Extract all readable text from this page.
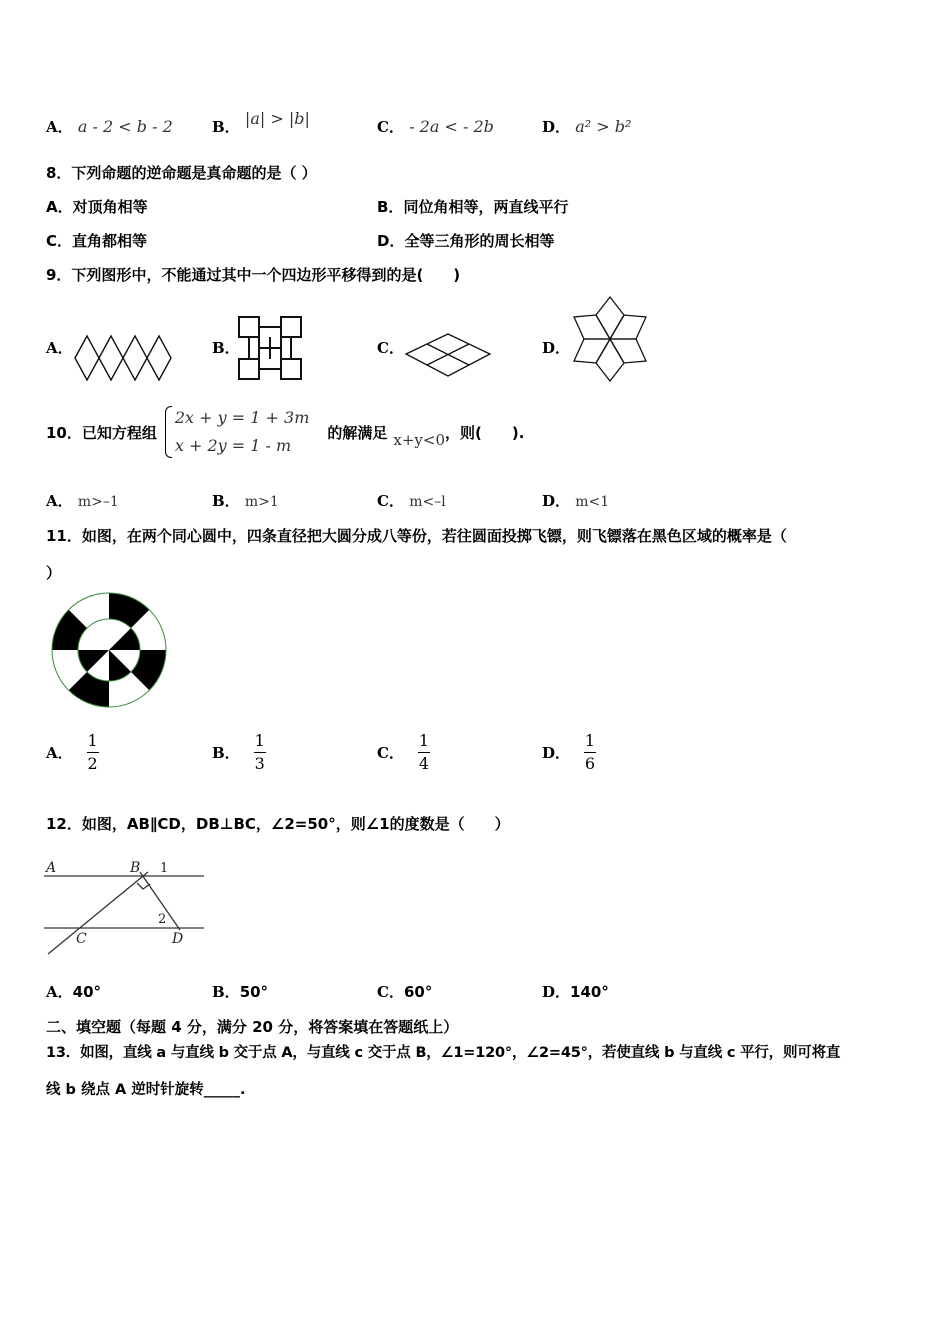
A． a - 2 < b - 2	B． |a| > |b|	C． - 2a < - 2b	D． a² > b²
8．下列命题的逆命题是真命题的是（ ）
A．对顶角相等	B．同位角相等，两直线平行
C．直角都相等	D．全等三角形的周长相等
9．下列图形中，不能通过其中一个四边形平移得到的是(　　)
A．	B．	C．	D．
10．已知方程组
2x + y = 1 + 3m
x + 2y = 1 - m
的解满足 x+y<0 ，则(　　).
A． m>–1	B． m>1	C． m<–l	D． m<1
11．如图，在两个同心圆中，四条直径把大圆分成八等份，若往圆面投掷飞镖，则飞镖落在黑色区域的概率是（
）
A． $\frac{1}{2}$	B． $\frac{1}{3}$	C． $\frac{1}{4}$	D． $\frac{1}{6}$
12．如图，AB∥CD，DB⊥BC，∠2=50°，则∠1的度数是（　　）
A	B
C	D
1
2
A．40°	B．50°	C．60°	D．140°
二、填空题（每题 4 分，满分 20 分，将答案填在答题纸上）
13．如图，直线 a 与直线 b 交于点 A，与直线 c 交于点 B，∠1=120°，∠2=45°，若使直线 b 与直线 c 平行，则可将直
线 b 绕点 A 逆时针旋转_____.
